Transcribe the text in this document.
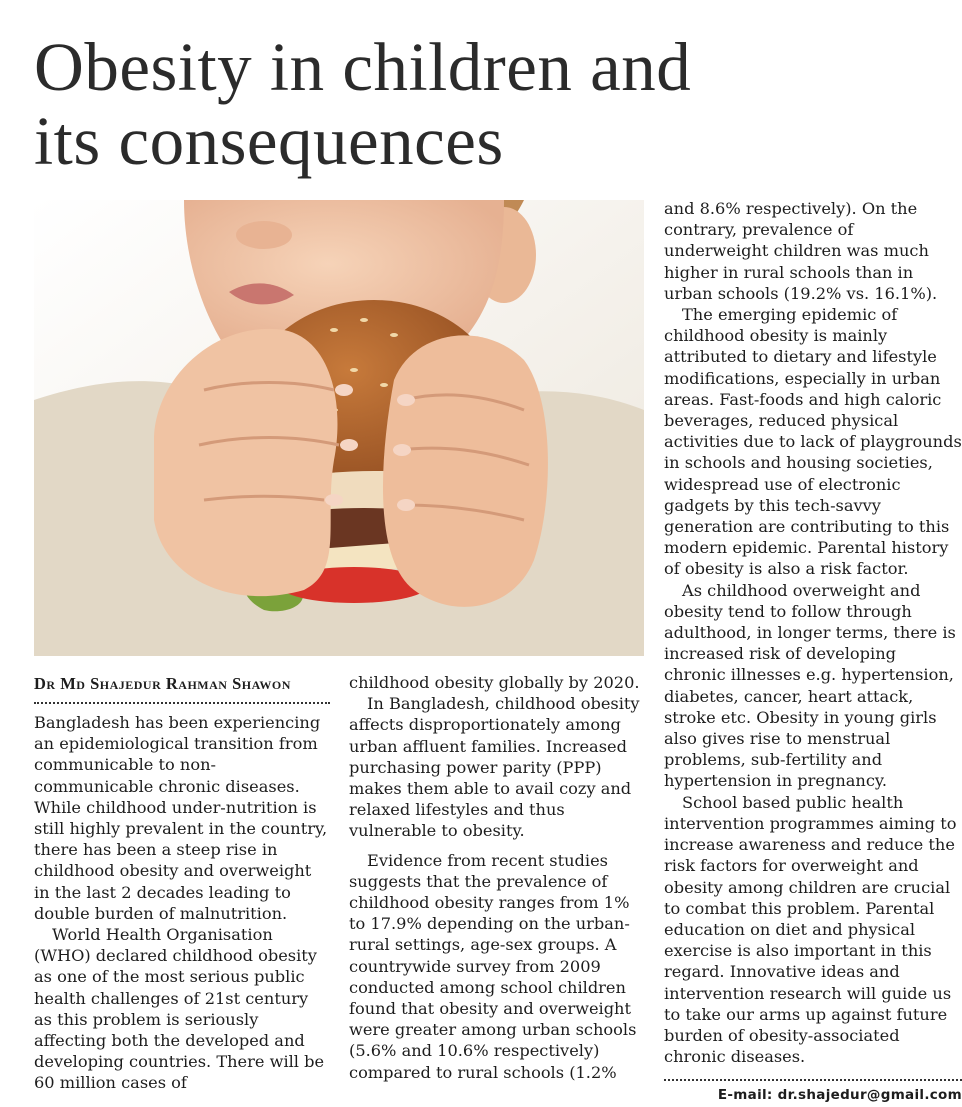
Obesity in children and
its consequences
Dr Md Shajedur Rahman Shawon

Bangladesh has been experiencing an epidemiological transition from communicable to non-communicable chronic diseases. While childhood under-nutrition is still highly prevalent in the country, there has been a steep rise in childhood obesity and overweight in the last 2 decades leading to double burden of malnutrition.

World Health Organisation (WHO) declared childhood obesity as one of the most serious public health challenges of 21st century as this problem is seriously affecting both the developed and developing countries. There will be 60 million cases of

childhood obesity globally by 2020.

In Bangladesh, childhood obesity affects disproportionately among urban affluent families. Increased purchasing power parity (PPP) makes them able to avail cozy and relaxed lifestyles and thus vulnerable to obesity.

Evidence from recent studies suggests that the prevalence of childhood obesity ranges from 1% to 17.9% depending on the urban-rural settings, age-sex groups. A countrywide survey from 2009 conducted among school children found that obesity and overweight were greater among urban schools (5.6% and 10.6% respectively) compared to rural schools (1.2%

and 8.6% respectively). On the contrary, prevalence of underweight children was much higher in rural schools than in urban schools (19.2% vs. 16.1%).

The emerging epidemic of childhood obesity is mainly attributed to dietary and lifestyle modifications, especially in urban areas. Fast-foods and high caloric beverages, reduced physical activities due to lack of playgrounds in schools and housing societies, widespread use of electronic gadgets by this tech-savvy generation are contributing to this modern epidemic. Parental history of obesity is also a risk factor.

As childhood overweight and obesity tend to follow through adulthood, in longer terms, there is increased risk of developing chronic illnesses e.g. hypertension, diabetes, cancer, heart attack, stroke etc. Obesity in young girls also gives rise to menstrual problems, sub-fertility and hypertension in pregnancy.

School based public health intervention programmes aiming to increase awareness and reduce the risk factors for overweight and obesity among children are crucial to combat this problem. Parental education on diet and physical exercise is also important in this regard. Innovative ideas and intervention research will guide us to take our arms up against future burden of obesity-associated chronic diseases.

E-mail: dr.shajedur@gmail.com
